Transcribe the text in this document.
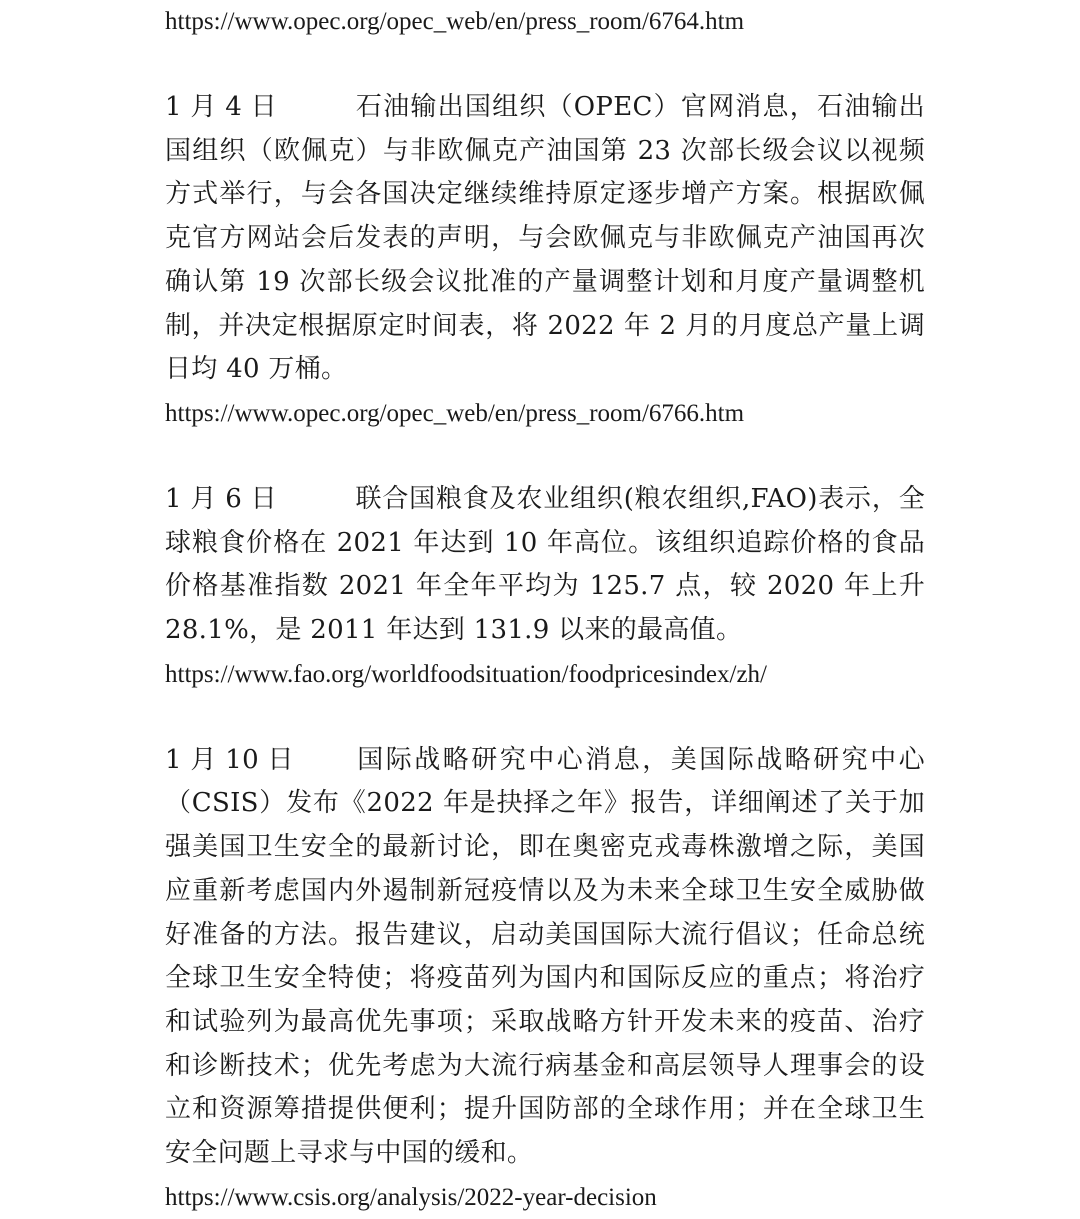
https://www.opec.org/opec_web/en/press_room/6764.htm
1 月 4 日	石油输出国组织（OPEC）官网消息，石油输出国组织（欧佩克）与非欧佩克产油国第 23 次部长级会议以视频方式举行，与会各国决定继续维持原定逐步增产方案。根据欧佩克官方网站会后发表的声明，与会欧佩克与非欧佩克产油国再次确认第 19 次部长级会议批准的产量调整计划和月度产量调整机制，并决定根据原定时间表，将 2022 年 2 月的月度总产量上调日均 40 万桶。
https://www.opec.org/opec_web/en/press_room/6766.htm
1 月 6 日	联合国粮食及农业组织(粮农组织,FAO)表示，全球粮食价格在 2021 年达到 10 年高位。该组织追踪价格的食品价格基准指数 2021 年全年平均为 125.7 点，较 2020 年上升 28.1%，是 2011 年达到 131.9 以来的最高值。
https://www.fao.org/worldfoodsituation/foodpricesindex/zh/
1 月 10 日 国际战略研究中心消息，美国际战略研究中心（CSIS）发布《2022 年是抉择之年》报告，详细阐述了关于加强美国卫生安全的最新讨论，即在奥密克戎毒株激增之际，美国应重新考虑国内外遏制新冠疫情以及为未来全球卫生安全威胁做好准备的方法。报告建议，启动美国国际大流行倡议；任命总统全球卫生安全特使；将疫苗列为国内和国际反应的重点；将治疗和试验列为最高优先事项；采取战略方针开发未来的疫苗、治疗和诊断技术；优先考虑为大流行病基金和高层领导人理事会的设立和资源筹措提供便利；提升国防部的全球作用；并在全球卫生安全问题上寻求与中国的缓和。
https://www.csis.org/analysis/2022-year-decision
